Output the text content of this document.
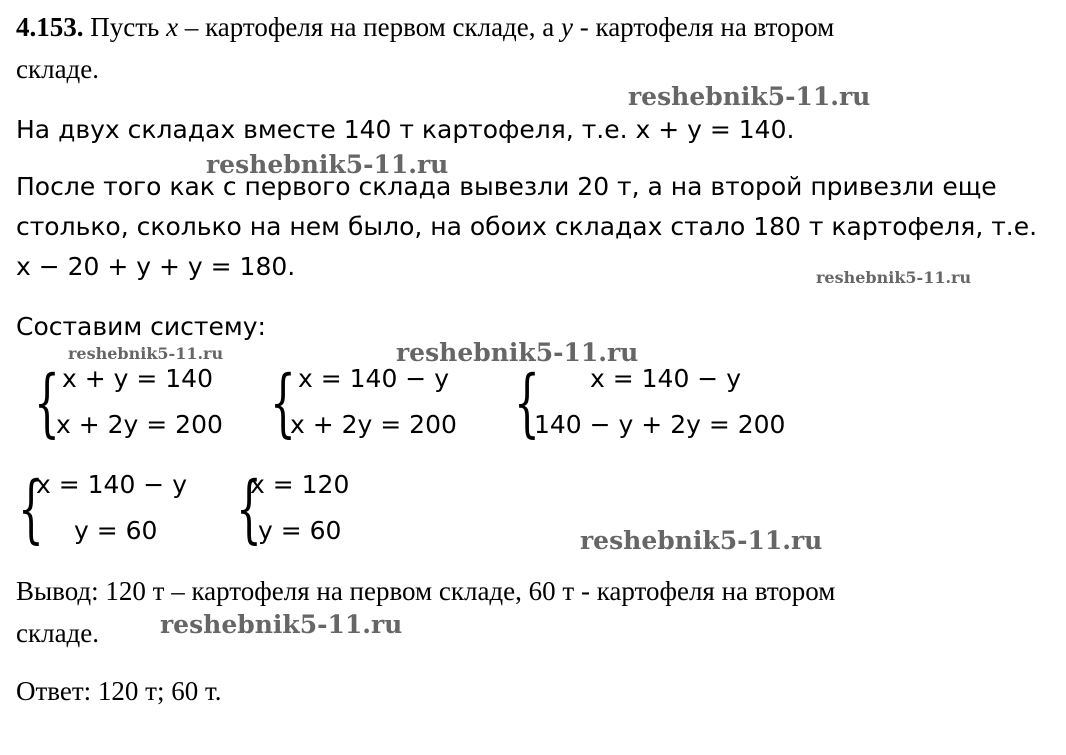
4.153. Пусть x – картофеля на первом складе, а y - картофеля на втором
складе.
На двух складах вместе 140 т картофеля, т.е. x + y = 140.
После того как с первого склада вывезли 20 т, а на второй привезли еще
столько, сколько на нем было, на обоих складах стало 180 т картофеля, т.е.
x − 20 + y + y = 180.
Составим систему:
{ x + y = 140
x + 2y = 200 { x = 140 − y
x + 2y = 200 { x = 140 − y
140 − y + 2y = 200
{
x = 140 − y
y = 60 {
x = 120
y = 60
Вывод: 120 т – картофеля на первом складе, 60 т - картофеля на втором
складе.
Ответ: 120 т; 60 т.
reshebnik5-11.ru
reshebnik5-11.ru
reshebnik5-11.ru
reshebnik5-11.ru	reshebnik5-11.ru
reshebnik5-11.ru
reshebnik5-11.ru
